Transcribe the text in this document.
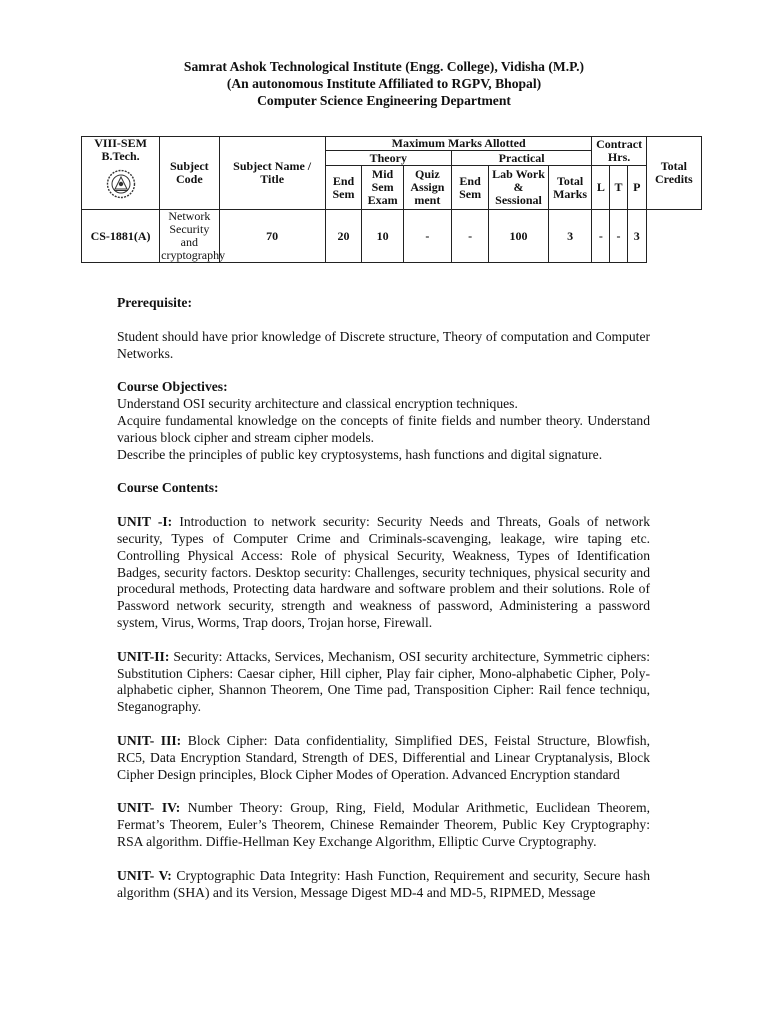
Samrat Ashok Technological Institute (Engg. College), Vidisha (M.P.)
(An autonomous Institute Affiliated to RGPV, Bhopal)
Computer Science Engineering Department
VIII-SEM
B.Tech.	Subject Code	Subject Name / Title	Maximum Marks Allotted						Contract Hrs.			Total Credits
			Theory			Practical						
			End Sem	Mid Sem Exam	Quiz Assign ment	End Sem	Lab Work & Sessional	Total Marks	L	T	P	
CS-1881(A)	Network Security and cryptography	70	20	10	-	-	100	3	-	-	3	

Prerequisite:

Student should have prior knowledge of Discrete structure, Theory of computation and Computer Networks.

Course Objectives:

Understand OSI security architecture and classical encryption techniques.

Acquire fundamental knowledge on the concepts of finite fields and number theory. Understand various block cipher and stream cipher models.

Describe the principles of public key cryptosystems, hash functions and digital signature.

Course Contents:

UNIT -I: Introduction to network security: Security Needs and Threats, Goals of network security, Types of Computer Crime and Criminals-scavenging, leakage, wire taping etc. Controlling Physical Access: Role of physical Security, Weakness, Types of Identification Badges, security factors. Desktop security: Challenges, security techniques, physical security and procedural methods, Protecting data hardware and software problem and their solutions. Role of Password network security, strength and weakness of password, Administering a password system, Virus, Worms, Trap doors, Trojan horse, Firewall.

UNIT-II: Security: Attacks, Services, Mechanism, OSI security architecture, Symmetric ciphers: Substitution Ciphers: Caesar cipher, Hill cipher, Play fair cipher, Mono-alphabetic Cipher, Poly-alphabetic cipher, Shannon Theorem, One Time pad, Transposition Cipher: Rail fence techniqu, Steganography.

UNIT- III: Block Cipher: Data confidentiality, Simplified DES, Feistal Structure, Blowfish, RC5, Data Encryption Standard, Strength of DES, Differential and Linear Cryptanalysis, Block Cipher Design principles, Block Cipher Modes of Operation. Advanced Encryption standard

UNIT- IV: Number Theory: Group, Ring, Field, Modular Arithmetic, Euclidean Theorem, Fermat’s Theorem, Euler’s Theorem, Chinese Remainder Theorem, Public Key Cryptography: RSA algorithm. Diffie-Hellman Key Exchange Algorithm, Elliptic Curve Cryptography.

UNIT- V: Cryptographic Data Integrity: Hash Function, Requirement and security, Secure hash algorithm (SHA) and its Version, Message Digest MD-4 and MD-5, RIPMED, Message
